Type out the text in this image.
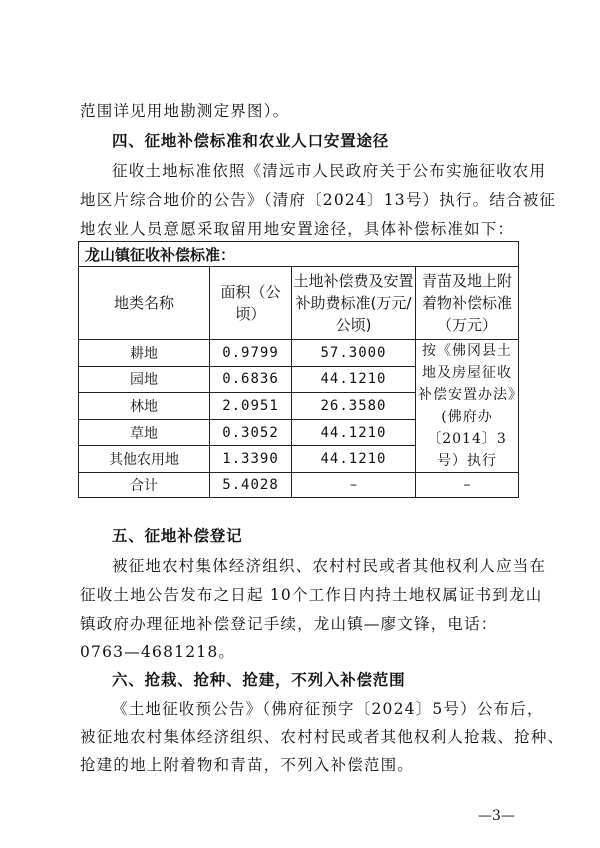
范围详见用地勘测定界图）。
四、征地补偿标准和农业人口安置途径
征收土地标准依照《清远市人民政府关于公布实施征收农用
地区片综合地价的公告》（清府〔2024〕13号）执行。结合被征
地农业人员意愿采取留用地安置途径，具体补偿标准如下：
龙山镇征收补偿标准：			
地类名称	面积（公顷）	土地补偿费及安置补助费标准(万元/公顷)	青苗及地上附着物补偿标准（万元）
耕地	0.9799	57.3000	按《佛冈县土地及房屋征收补偿安置办法》(佛府办〔2014〕3号）执行
园地	0.6836	44.1210	
林地	2.0951	26.3580	
草地	0.3052	44.1210	
其他农用地	1.3390	44.1210	
合计	5.4028	–	–
五、征地补偿登记
被征地农村集体经济组织、农村村民或者其他权利人应当在
征收土地公告发布之日起 10个工作日内持土地权属证书到龙山
镇政府办理征地补偿登记手续，龙山镇—廖文锋，电话：
0763—4681218。
六、抢栽、抢种、抢建，不列入补偿范围
《土地征收预公告》（佛府征预字〔2024〕5号）公布后，
被征地农村集体经济组织、农村村民或者其他权利人抢栽、抢种、
抢建的地上附着物和青苗，不列入补偿范围。
—3—
